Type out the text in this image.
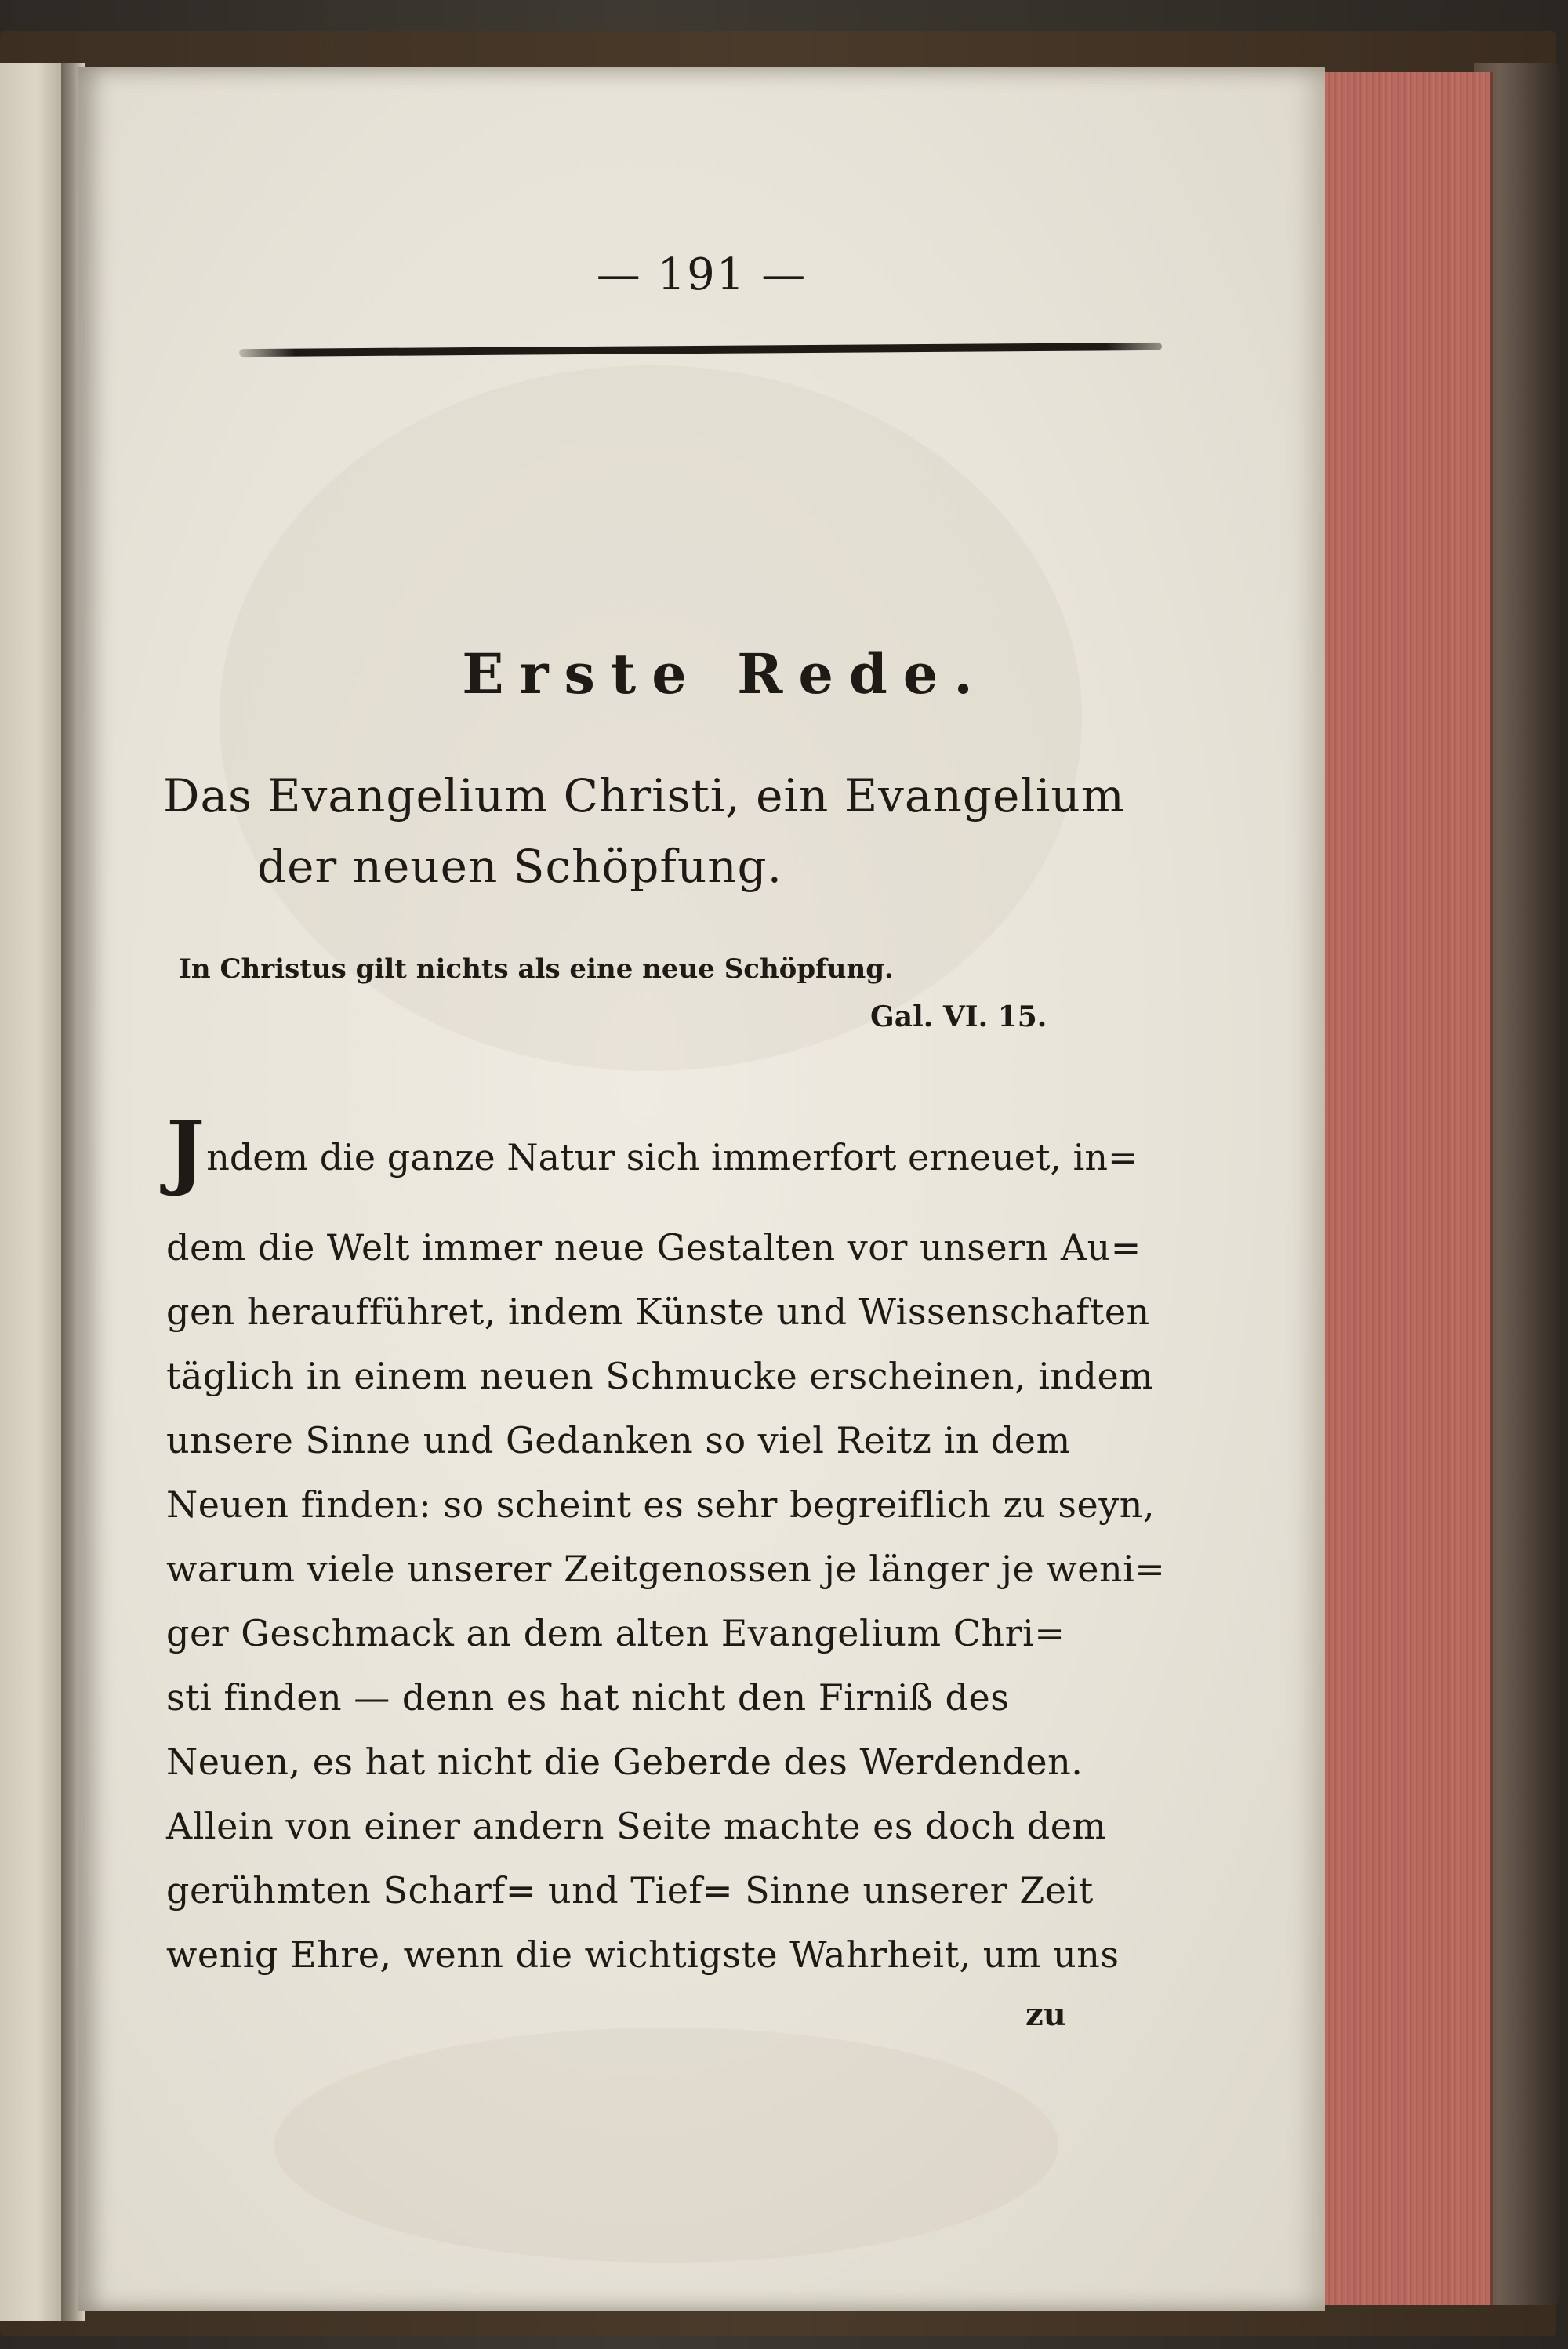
— 191 —
Erste Rede.
Das Evangelium Christi, ein Evangelium
der neuen Schöpfung.
In Christus gilt nichts als eine neue Schöpfung.
Gal. VI. 15.
Jndem die ganze Natur sich immerfort erneuet, in=
dem die Welt immer neue Gestalten vor unsern Au=
gen heraufführet, indem Künste und Wissenschaften
täglich in einem neuen Schmucke erscheinen, indem
unsere Sinne und Gedanken so viel Reitz in dem
Neuen finden: so scheint es sehr begreiflich zu seyn,
warum viele unserer Zeitgenossen je länger je weni=
ger Geschmack an dem alten Evangelium Chri=
sti finden — denn es hat nicht den Firniß des
Neuen, es hat nicht die Geberde des Werdenden.
Allein von einer andern Seite machte es doch dem
gerühmten Scharf= und Tief= Sinne unserer Zeit
wenig Ehre, wenn die wichtigste Wahrheit, um uns
zu
